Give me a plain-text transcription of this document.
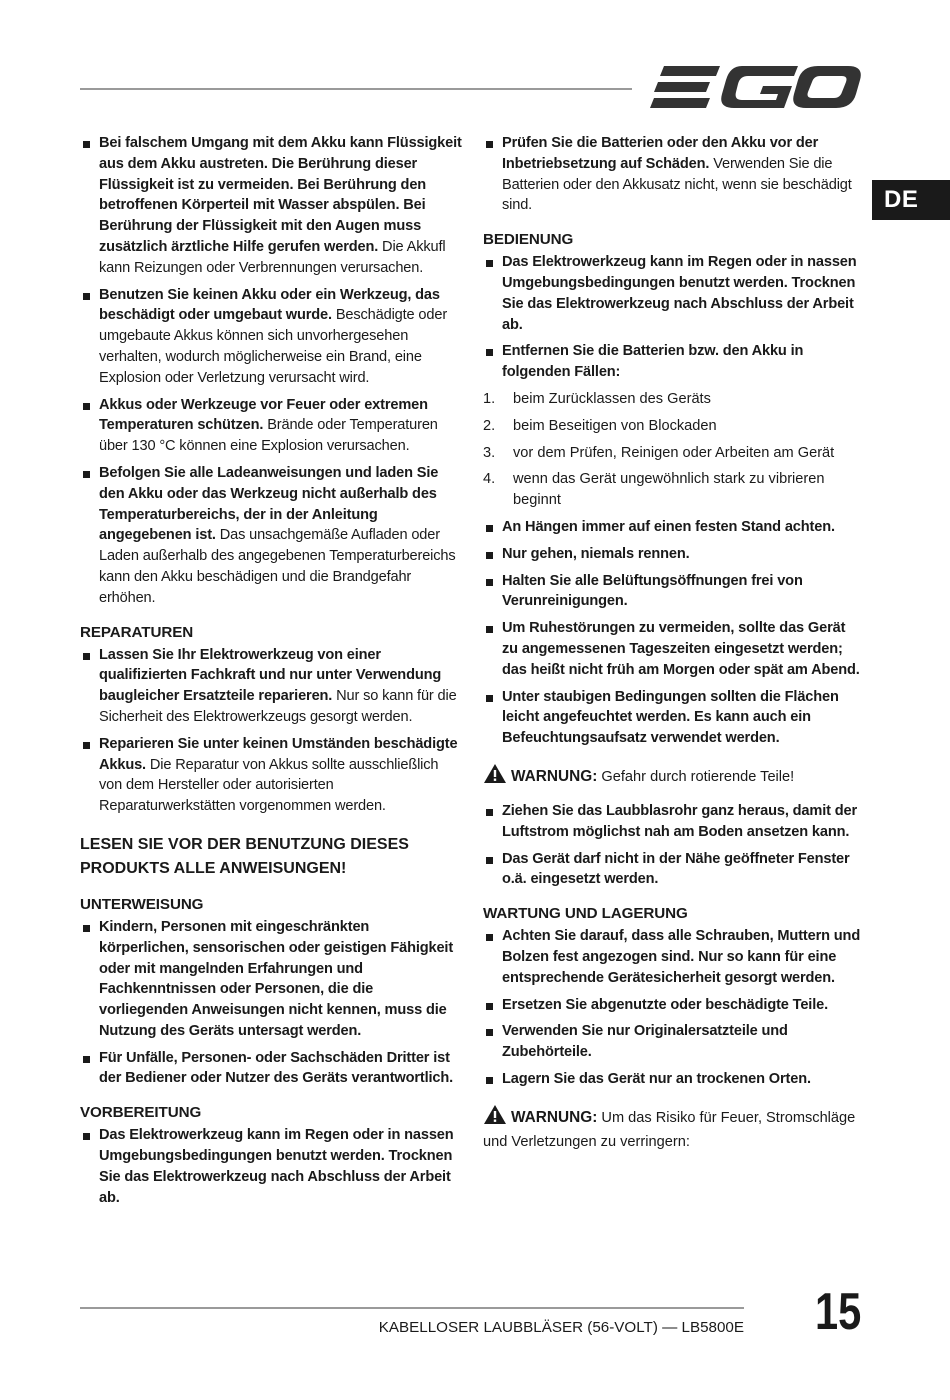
DE
Bei falschem Umgang mit dem Akku kann Flüssigkeit aus dem Akku austreten. Die Berührung dieser Flüssigkeit ist zu vermeiden. Bei Berührung den betroffenen Körperteil mit Wasser abspülen. Bei Berührung der Flüssigkeit mit den Augen muss zusätzlich ärztliche Hilfe gerufen werden. Die Akkufl kann Reizungen oder Verbrennungen verursachen.
Benutzen Sie keinen Akku oder ein Werkzeug, das beschädigt oder umgebaut wurde. Beschädigte oder umgebaute Akkus können sich unvorhergesehen verhalten, wodurch möglicherweise ein Brand, eine Explosion oder Verletzung verursacht wird.
Akkus oder Werkzeuge vor Feuer oder extremen Temperaturen schützen. Brände oder Temperaturen über 130 °C können eine Explosion verursachen.
Befolgen Sie alle Ladeanweisungen und laden Sie den Akku oder das Werkzeug nicht außerhalb des Temperaturbereichs, der in der Anleitung angegebenen ist. Das unsachgemäße Aufladen oder Laden außerhalb des angegebenen Temperaturbereichs kann den Akku beschädigen und die Brandgefahr erhöhen.
REPARATUREN
Lassen Sie Ihr Elektrowerkzeug von einer qualifizierten Fachkraft und nur unter Verwendung baugleicher Ersatzteile reparieren. Nur so kann für die Sicherheit des Elektrowerkzeugs gesorgt werden.
Reparieren Sie unter keinen Umständen beschädigte Akkus. Die Reparatur von Akkus sollte ausschließlich von dem Hersteller oder autorisierten Reparaturwerkstätten vorgenommen werden.
LESEN SIE VOR DER BENUTZUNG DIESES
PRODUKTS ALLE ANWEISUNGEN!
UNTERWEISUNG
Kindern, Personen mit eingeschränkten körperlichen, sensorischen oder geistigen Fähigkeit oder mit mangelnden Erfahrungen und Fachkenntnissen oder Personen, die die vorliegenden Anweisungen nicht kennen, muss die Nutzung des Geräts untersagt werden.
Für Unfälle, Personen- oder Sachschäden Dritter ist der Bediener oder Nutzer des Geräts verantwortlich.
VORBEREITUNG
Das Elektrowerkzeug kann im Regen oder in nassen Umgebungsbedingungen benutzt werden. Trocknen Sie das Elektrowerkzeug nach Abschluss der Arbeit ab.
Prüfen Sie die Batterien oder den Akku vor der Inbetriebsetzung auf Schäden. Verwenden Sie die Batterien oder den Akkusatz nicht, wenn sie beschädigt sind.
BEDIENUNG
Das Elektrowerkzeug kann im Regen oder in nassen Umgebungsbedingungen benutzt werden. Trocknen Sie das Elektrowerkzeug nach Abschluss der Arbeit ab.
Entfernen Sie die Batterien bzw. den Akku in folgenden Fällen:
1. beim Zurücklassen des Geräts
2. beim Beseitigen von Blockaden
3. vor dem Prüfen, Reinigen oder Arbeiten am Gerät
4. wenn das Gerät ungewöhnlich stark zu vibrieren beginnt
An Hängen immer auf einen festen Stand achten.
Nur gehen, niemals rennen.
Halten Sie alle Belüftungsöffnungen frei von Verunreinigungen.
Um Ruhestörungen zu vermeiden, sollte das Gerät zu angemessenen Tageszeiten eingesetzt werden; das heißt nicht früh am Morgen oder spät am Abend.
Unter staubigen Bedingungen sollten die Flächen leicht angefeuchtet werden. Es kann auch ein Befeuchtungsaufsatz verwendet werden.
WARNUNG: Gefahr durch rotierende Teile!
Ziehen Sie das Laubblasrohr ganz heraus, damit der Luftstrom möglichst nah am Boden ansetzen kann.
Das Gerät darf nicht in der Nähe geöffneter Fenster o.ä. eingesetzt werden.
WARTUNG UND LAGERUNG
Achten Sie darauf, dass alle Schrauben, Muttern und Bolzen fest angezogen sind. Nur so kann für eine entsprechende Gerätesicherheit gesorgt werden.
Ersetzen Sie abgenutzte oder beschädigte Teile.
Verwenden Sie nur Originalersatzteile und Zubehörteile.
Lagern Sie das Gerät nur an trockenen Orten.
WARNUNG: Um das Risiko für Feuer, Stromschläge und Verletzungen zu verringern:
KABELLOSER LAUBBLÄSER (56-VOLT) — LB5800E 15
